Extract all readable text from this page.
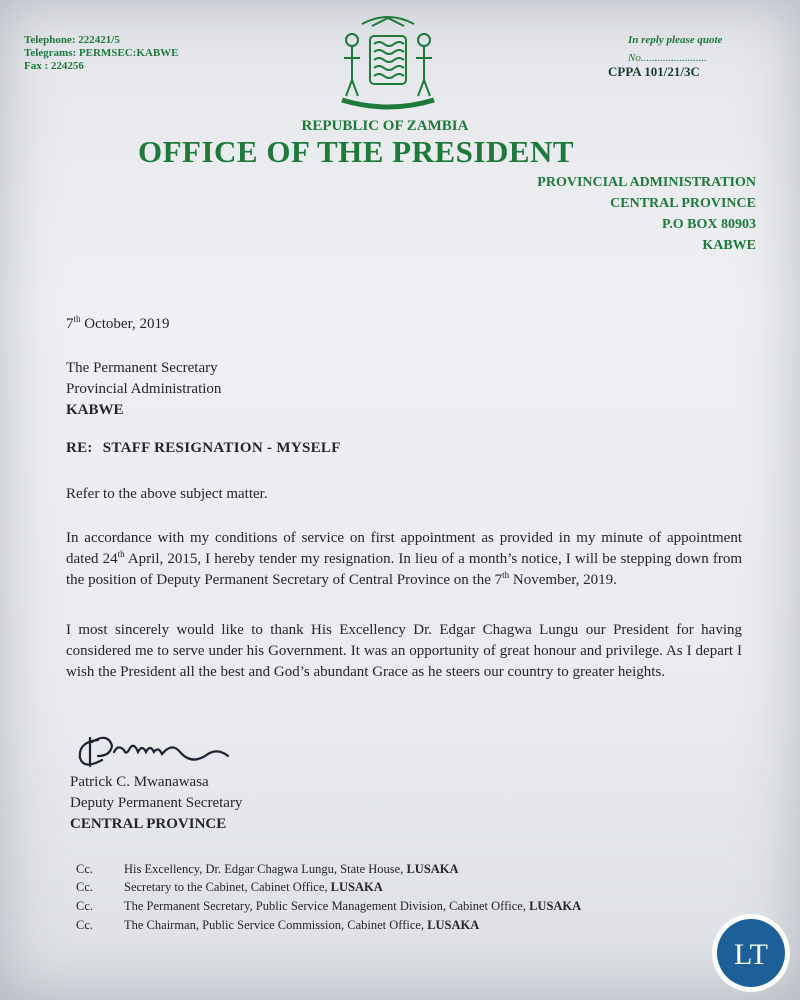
Telephone: 222421/5
Telegrams: PERMSEC:KABWE
Fax : 224256
In reply please quote
No........................
CPPA 101/21/3C
REPUBLIC OF ZAMBIA
OFFICE OF THE PRESIDENT
PROVINCIAL ADMINISTRATION
CENTRAL PROVINCE
P.O BOX 80903
KABWE
7th October, 2019
The Permanent Secretary
Provincial Administration
KABWE
RE: STAFF RESIGNATION - MYSELF
Refer to the above subject matter.
In accordance with my conditions of service on first appointment as provided in my minute of appointment dated 24th April, 2015, I hereby tender my resignation. In lieu of a month’s notice, I will be stepping down from the position of Deputy Permanent Secretary of Central Province on the 7th November, 2019.
I most sincerely would like to thank His Excellency Dr. Edgar Chagwa Lungu our President for having considered me to serve under his Government. It was an opportunity of great honour and privilege. As I depart I wish the President all the best and God’s abundant Grace as he steers our country to greater heights.
Patrick C. Mwanawasa
Deputy Permanent Secretary
CENTRAL PROVINCE
Cc. His Excellency, Dr. Edgar Chagwa Lungu, State House, LUSAKA
Cc. Secretary to the Cabinet, Cabinet Office, LUSAKA
Cc. The Permanent Secretary, Public Service Management Division, Cabinet Office, LUSAKA
Cc. The Chairman, Public Service Commission, Cabinet Office, LUSAKA
LT
